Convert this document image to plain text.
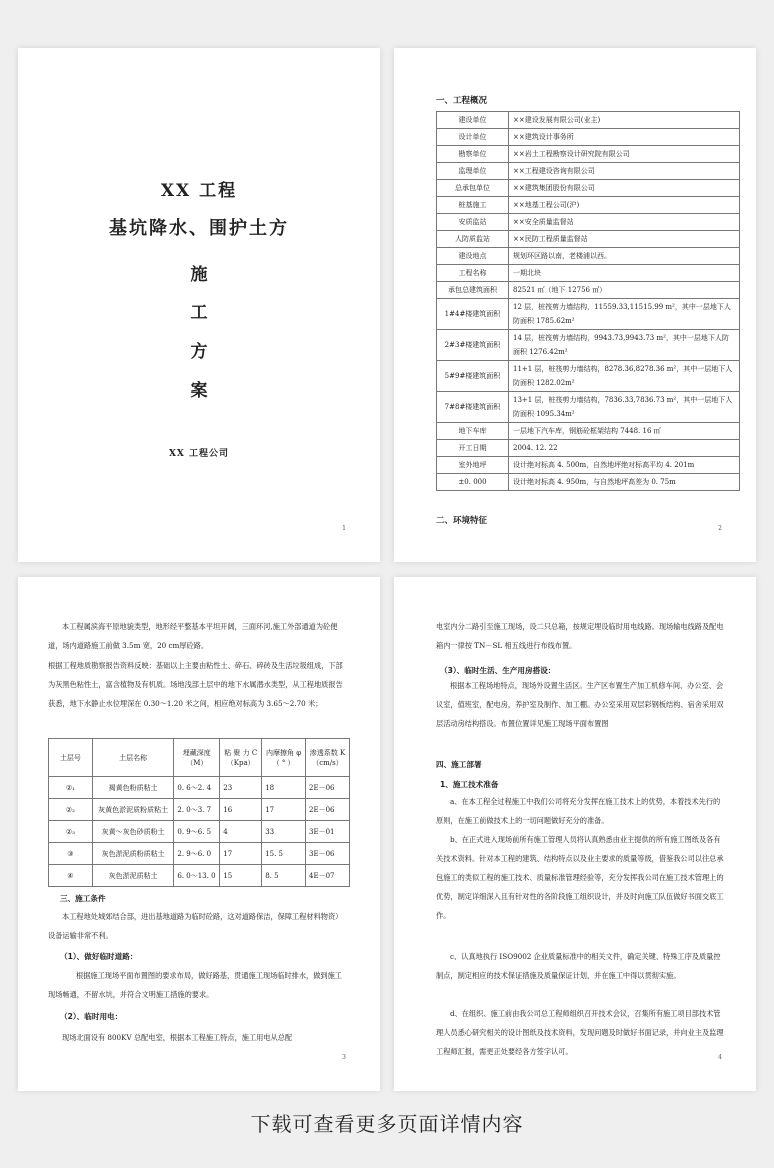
XX 工程
基坑降水、围护土方
施
工
方
案
XX 工程公司
1
一、工程概况
建设单位	××建设发展有限公司(业主)
设计单位	××建筑设计事务所
勘察单位	××岩土工程勘察设计研究院有限公司
监理单位	××工程建设咨询有限公司
总承包单位	××建筑集团股份有限公司
桩基施工	××地基工程公司(沪)
安质监站	××安全质量监督站
人防质监站	××民防工程质量监督站
建设地点	规划环区路以南，老楼浦以西。
工程名称	一期北块
承包总建筑面积	82521 ㎡（地下 12756 ㎡）
1#4#楼建筑面积	12 层，桩筏剪力墙结构，11559.33,11515.99 m²，其中一层地下人防面积 1785.62m²
2#3#楼建筑面积	14 层，桩筏剪力墙结构，9943.73,9943.73 m²，其中一层地下人防面积 1276.42m²
5#9#楼建筑面积	11+1 层，桩筏剪力墙结构，8278.36,8278.36 m²，其中一层地下人防面积 1282.02m²
7#8#楼建筑面积	13+1 层，桩筏剪力墙结构，7836.33,7836.73 m²，其中一层地下人防面积 1095.34m²
地下车库	一层地下汽车库，钢筋砼框架结构 7448. 16 ㎡
开工日期	2004. 12. 22
室外地坪	设计绝对标高 4. 500m，自然地坪绝对标高平均 4. 201m
±0. 000	设计绝对标高 4. 950m，与自然地坪高差为 0. 75m
二、环境特征
2
本工程属滨海平原地貌类型，地形经平整基本平坦开阔，三面环河,施工外部通道为砼便道，场内道路施工前做 3.5m 宽，20 cm厚砼路。
根据工程地质勘察报告资料反映：基础以上主要由粘性土、碎石、碎砖及生活垃圾组成，下部为灰黑色粘性土，富含植物及有机质。场地浅部土层中的地下水属潜水类型，从工程地质报告获悉，地下水静止水位埋深在 0.30～1.20 米之间，相应绝对标高为 3.65～2.70 米；
土层号	土层名称	埋藏深度（M）	粘 聚 力 C（Kpa）	内摩擦角 φ（ ° ）	渗透系数 K（cm/s）
②₁	褐黄色粉质粘土	0. 6～2. 4	23	18	2E－06
②₂	灰黄色淤泥质粉质粘土	2. 0～3. 7	16	17	2E－06
②₃	灰黄～灰色砂质粉土	0. 9～6. 5	4	33	3E－01
③	灰色淤泥质粉质粘土	2. 9～6. 0	17	15. 5	3E－06
④	灰色淤泥质粘土	6. 0～13. 0	15	8. 5	4E－07
三、施工条件
本工程地处城郊结合部，进出基地道路为临时砼路，这对道路保洁，保障工程材料物资）设备运输非常不利。
（1）、做好临时道路：
根据施工现场平面布置图的要求布局，做好路基，贯通施工现场临时排水，做到施工现场畅通，不留水坑，并符合文明施工措施的要求。
（2）、临时用电：
现场北面设有 800KV 总配电室，根据本工程施工特点，施工用电从总配
3
电室内分二路引至施工现场，设二只总箱，按规定埋设临时用电线路。现场输电线路及配电箱内一律按 TN－SL 相五线进行布线布置。
（3）、临时生活、生产用房搭设：
根据本工程场地特点，现场外设置生活区。生产区布置生产加工机修车间、办公室、会议室，值班室，配电房，养护室及制作、加工棚。办公室采用双层彩钢板结构、宿舍采用双层活动房结构搭设。布置位置详见施工现场平面布置图
四、施工部署
1、施工技术准备
a、在本工程全过程施工中我们公司将充分发挥在施工技术上的优势，本着技术先行的原则，在施工前做技术上的一切问题做好充分的准备。
b、在正式进入现场前所有施工管理人员将认真熟悉由业主提供的所有施工图纸及各有关技术资料。针对本工程的建筑、结构特点以及业主要求的质量等级，借鉴我公司以往总承包施工的类似工程的施工技术、质量标准管理经验等，充分发挥我公司在施工技术管理上的优势，制定详细深入且有针对性的各阶段施工组织设计，并及时向施工队伍做好书面交底工作。
c、认真地执行 ISO9002 企业质量标准中的相关文件，确定关键、特殊工序及质量控制点，制定相应的技术保证措施及质量保证计划，并在施工中得以贯彻实施。
d、在组织、施工前由我公司总工程师组织召开技术会议，召集所有施工项目部技术管理人员悉心研究相关的设计图纸及技术资料，发现问题及时做好书面记录，并向业主及监理工程师汇报，需更正处要经各方签字认可。
4
下载可查看更多页面详情内容
